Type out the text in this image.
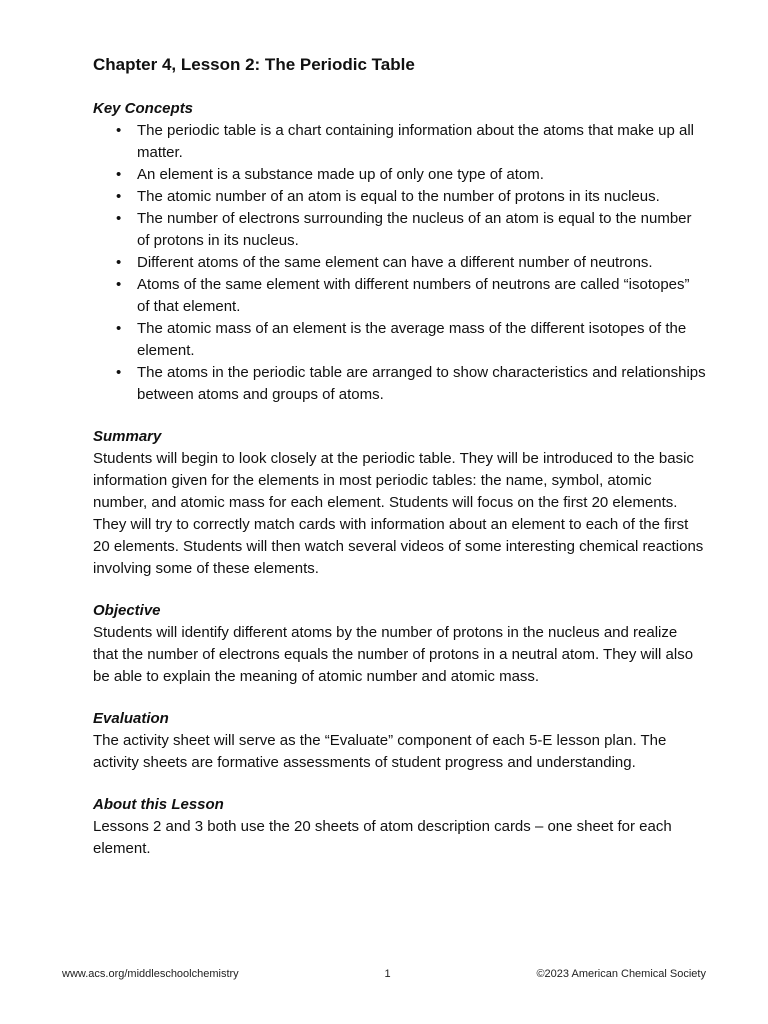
Chapter 4, Lesson 2: The Periodic Table
Key Concepts
• The periodic table is a chart containing information about the atoms that make up all matter.
• An element is a substance made up of only one type of atom.
• The atomic number of an atom is equal to the number of protons in its nucleus.
• The number of electrons surrounding the nucleus of an atom is equal to the number of protons in its nucleus.
• Different atoms of the same element can have a different number of neutrons.
• Atoms of the same element with different numbers of neutrons are called “isotopes” of that element.
• The atomic mass of an element is the average mass of the different isotopes of the element.
• The atoms in the periodic table are arranged to show characteristics and relationships between atoms and groups of atoms.
Summary

Students will begin to look closely at the periodic table. They will be introduced to the basic information given for the elements in most periodic tables: the name, symbol, atomic number, and atomic mass for each element. Students will focus on the first 20 elements. They will try to correctly match cards with information about an element to each of the first 20 elements. Students will then watch several videos of some interesting chemical reactions involving some of these elements.

Objective

Students will identify different atoms by the number of protons in the nucleus and realize that the number of electrons equals the number of protons in a neutral atom. They will also be able to explain the meaning of atomic number and atomic mass.

Evaluation

The activity sheet will serve as the “Evaluate” component of each 5-E lesson plan. The activity sheets are formative assessments of student progress and understanding.

About this Lesson

Lessons 2 and 3 both use the 20 sheets of atom description cards – one sheet for each element.

www.acs.org/middleschoolchemistry	1	©2023 American Chemical Society
